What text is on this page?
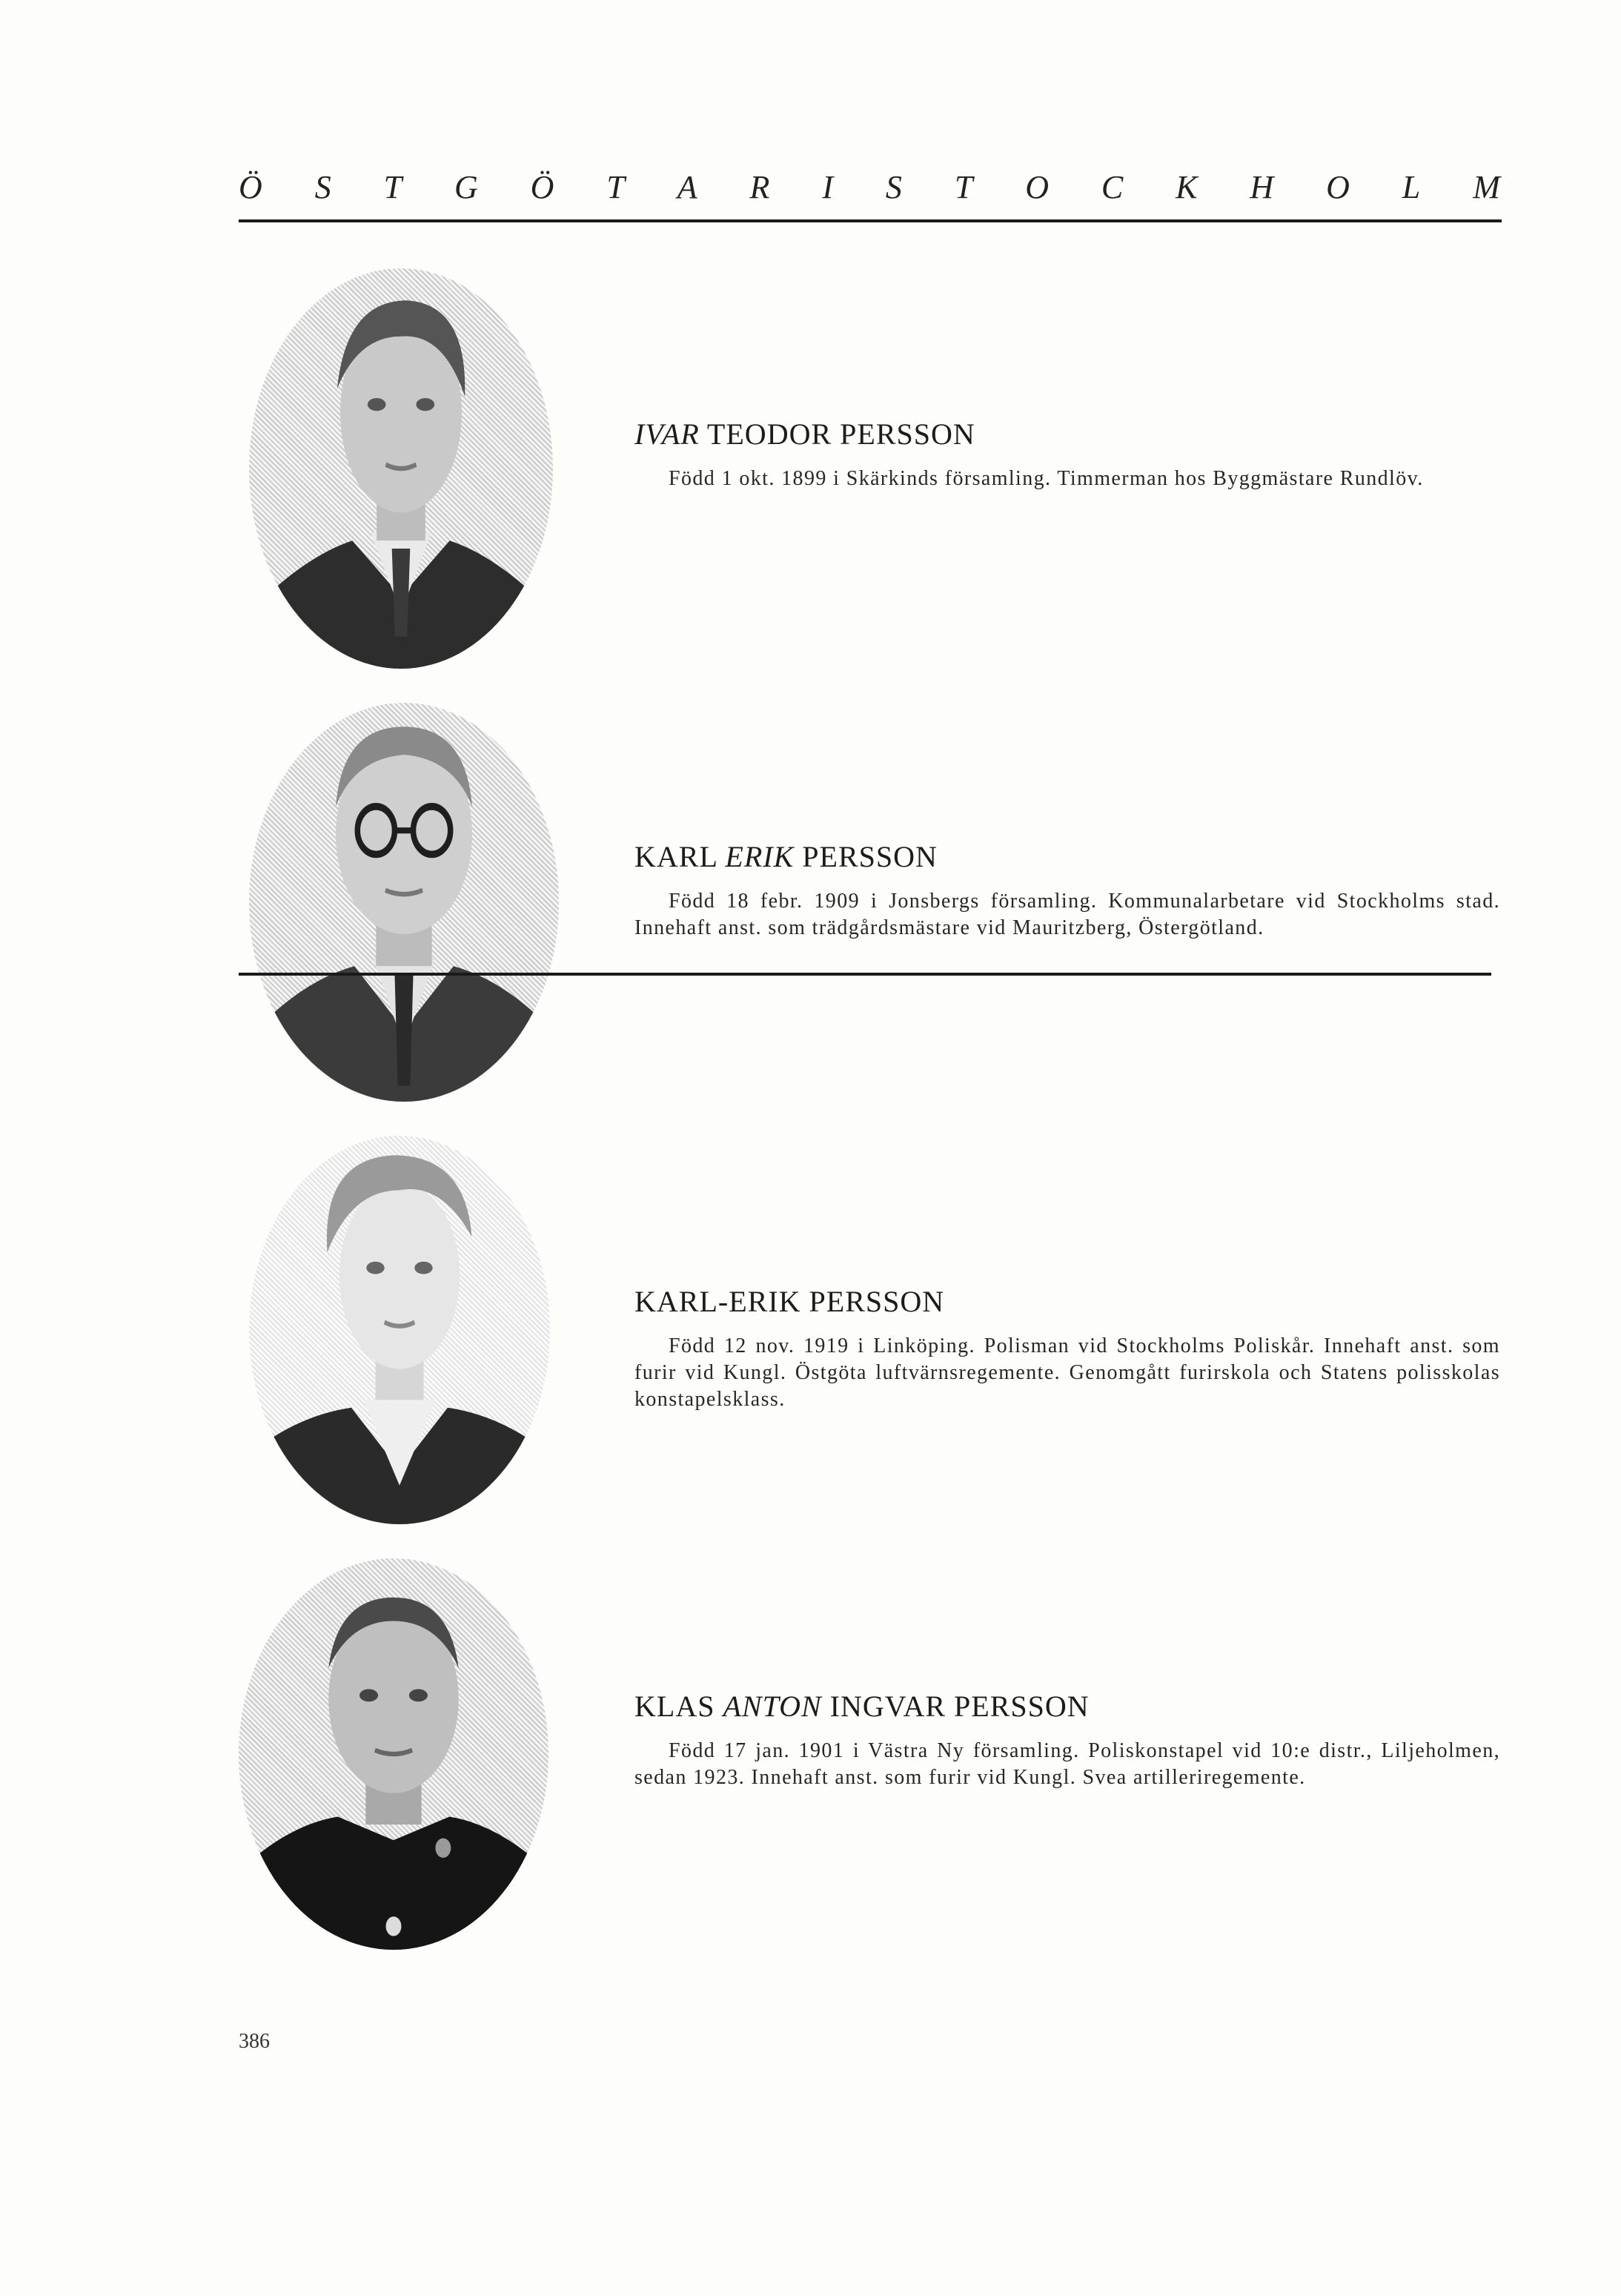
Ö S T G Ö T A R I S T O C K H O L M
IVAR TEODOR PERSSON

Född 1 okt. 1899 i Skärkinds församling. Timmerman hos Byggmästare Rundlöv.

KARL ERIK PERSSON

Född 18 febr. 1909 i Jonsbergs församling. Kommunalarbetare vid Stockholms stad. Innehaft anst. som trädgårdsmästare vid Mauritzberg, Östergötland.

KARL-ERIK PERSSON

Född 12 nov. 1919 i Linköping. Polisman vid Stockholms Poliskår. Innehaft anst. som furir vid Kungl. Östgöta luftvärnsregemente. Genomgått furirskola och Statens polisskolas konstapelsklass.

KLAS ANTON INGVAR PERSSON

Född 17 jan. 1901 i Västra Ny församling. Poliskonstapel vid 10:e distr., Liljeholmen, sedan 1923. Innehaft anst. som furir vid Kungl. Svea artilleriregemente.

386
